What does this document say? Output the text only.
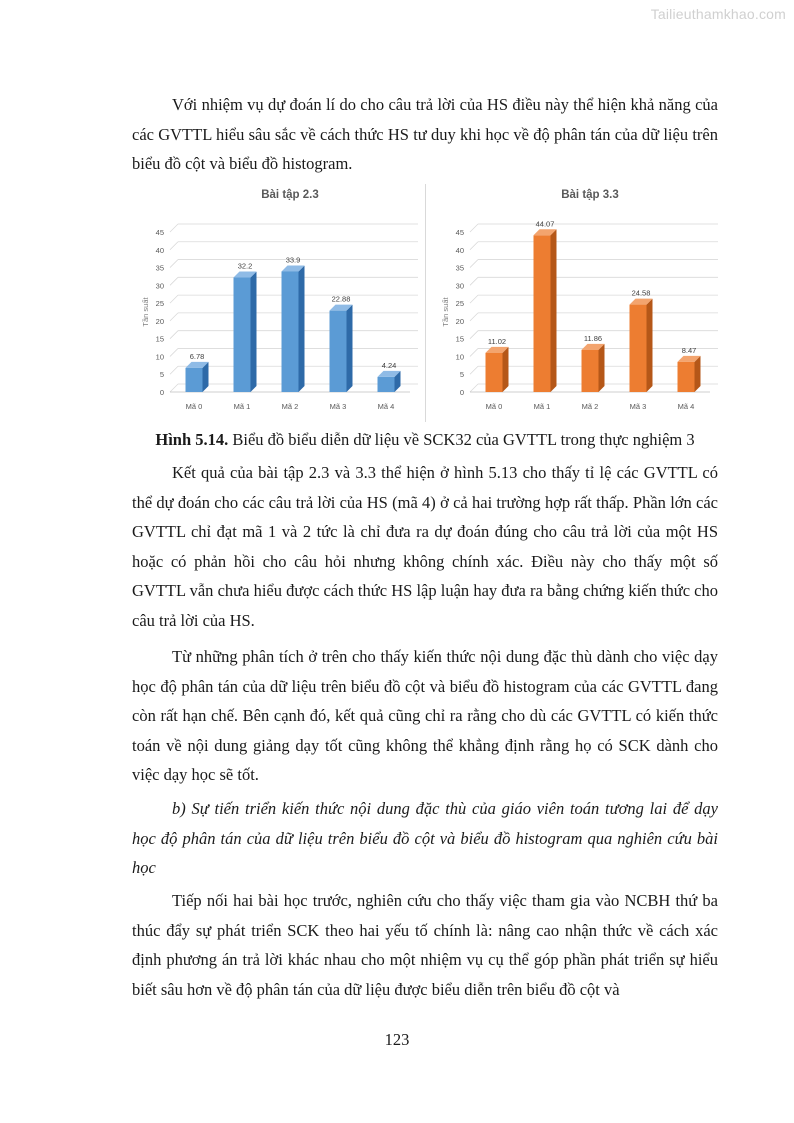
Tailieuthamkhao.com

Với nhiệm vụ dự đoán lí do cho câu trả lời của HS điều này thể hiện khả năng của các GVTTL hiểu sâu sắc về cách thức HS tư duy khi học về độ phân tán của dữ liệu trên biểu đồ cột và biểu đồ histogram.

Bài tập 2.3
0
5
10
15
20
25
30
35
40
45
Tần suất
6.78
Mã 0
32.2
Mã 1
33.9
Mã 2
22.88
Mã 3
4.24
Mã 4
Bài tập 3.3
0
5
10
15
20
25
30
35
40
45
Tần suất
11.02
Mã 0
44.07
Mã 1
11.86
Mã 2
24.58
Mã 3
8.47
Mã 4

Hình 5.14. Biểu đồ biểu diễn dữ liệu về SCK32 của GVTTL trong thực nghiệm 3

Kết quả của bài tập 2.3 và 3.3 thể hiện ở hình 5.13 cho thấy tỉ lệ các GVTTL có thể dự đoán cho các câu trả lời của HS (mã 4) ở cả hai trường hợp rất thấp. Phần lớn các GVTTL chỉ đạt mã 1 và 2 tức là chỉ đưa ra dự đoán đúng cho câu trả lời của một HS hoặc có phản hồi cho câu hỏi nhưng không chính xác. Điều này cho thấy một số GVTTL vẫn chưa hiểu được cách thức HS lập luận hay đưa ra bằng chứng kiến thức cho câu trả lời của HS.

Từ những phân tích ở trên cho thấy kiến thức nội dung đặc thù dành cho việc dạy học độ phân tán của dữ liệu trên biểu đồ cột và biểu đồ histogram của các GVTTL đang còn rất hạn chế. Bên cạnh đó, kết quả cũng chỉ ra rằng cho dù các GVTTL có kiến thức toán về nội dung giảng dạy tốt cũng không thể khẳng định rằng họ có SCK dành cho việc dạy học sẽ tốt.

b) Sự tiến triển kiến thức nội dung đặc thù của giáo viên toán tương lai để dạy học độ phân tán của dữ liệu trên biểu đồ cột và biểu đồ histogram qua nghiên cứu bài học

Tiếp nối hai bài học trước, nghiên cứu cho thấy việc tham gia vào NCBH thứ ba thúc đẩy sự phát triển SCK theo hai yếu tố chính là: nâng cao nhận thức về cách xác định phương án trả lời khác nhau cho một nhiệm vụ cụ thể góp phần phát triển sự hiểu biết sâu hơn về độ phân tán của dữ liệu được biểu diễn trên biểu đồ cột và

123
